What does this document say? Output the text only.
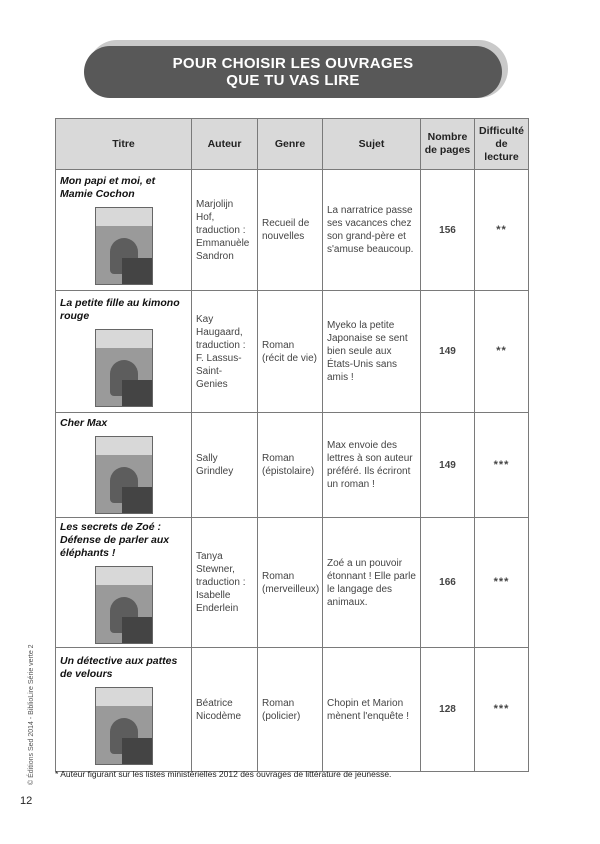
POUR CHOISIR LES OUVRAGES
QUE TU VAS LIRE
Titre	Auteur	Genre	Sujet	Nombre de pages	Difficulté de lecture

Mon papi et moi, et Mamie Cochon	Marjolijn Hof, traduction : Emmanuèle Sandron	Recueil de nouvelles	La narratrice passe ses vacances chez son grand-père et s'amuse beaucoup.	156	**

La petite fille au kimono rouge	Kay Haugaard, traduction : F. Lassus-Saint-Genies	Roman (récit de vie)	Myeko la petite Japonaise se sent bien seule aux États-Unis sans amis !	149	**

Cher Max	Sally Grindley	Roman (épistolaire)	Max envoie des lettres à son auteur préféré. Ils écriront un roman !	149	***

Les secrets de Zoé : Défense de parler aux éléphants !	Tanya Stewner, traduction : Isabelle Enderlein	Roman (merveilleux)	Zoé a un pouvoir étonnant ! Elle parle le langage des animaux.	166	***

Un détective aux pattes de velours	Béatrice Nicodème	Roman (policier)	Chopin et Marion mènent l'enquête !	128	***
* Auteur figurant sur les listes ministérielles 2012 des ouvrages de littérature de jeunesse.
© Éditions Sed 2014 - BiblioLire Série verte 2
12
